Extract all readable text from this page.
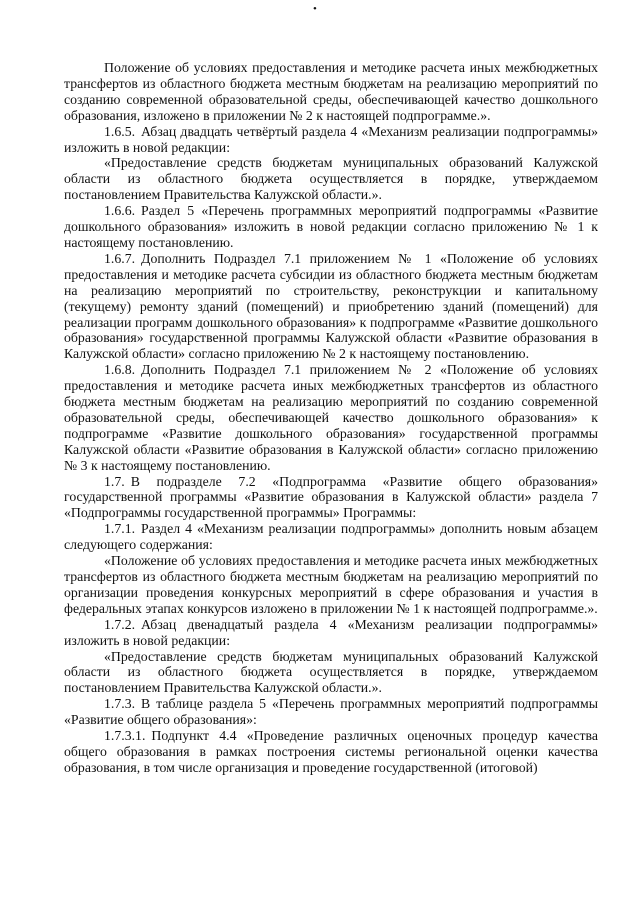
•

Положение об условиях предоставления и методике расчета иных межбюджетных трансфертов из областного бюджета местным бюджетам на реализацию мероприятий по созданию современной образовательной среды, обеспечивающей качество дошкольного образования, изложено в приложении № 2 к настоящей подпрограмме.».

1.6.5. Абзац двадцать четвёртый раздела 4 «Механизм реализации подпрограммы» изложить в новой редакции:

«Предоставление средств бюджетам муниципальных образований Калужской области из областного бюджета осуществляется в порядке, утверждаемом постановлением Правительства Калужской области.».

1.6.6. Раздел 5 «Перечень программных мероприятий подпрограммы «Развитие дошкольного образования» изложить в новой редакции согласно приложению № 1 к настоящему постановлению.

1.6.7. Дополнить Подраздел 7.1 приложением № 1 «Положение об условиях предоставления и методике расчета субсидии из областного бюджета местным бюджетам на реализацию мероприятий по строительству, реконструкции и капитальному (текущему) ремонту зданий (помещений) и приобретению зданий (помещений) для реализации программ дошкольного образования» к подпрограмме «Развитие дошкольного образования» государственной программы Калужской области «Развитие образования в Калужской области» согласно приложению № 2 к настоящему постановлению.

1.6.8. Дополнить Подраздел 7.1 приложением № 2 «Положение об условиях предоставления и методике расчета иных межбюджетных трансфертов из областного бюджета местным бюджетам на реализацию мероприятий по созданию современной образовательной среды, обеспечивающей качество дошкольного образования» к подпрограмме «Развитие дошкольного образования» государственной программы Калужской области «Развитие образования в Калужской области» согласно приложению № 3 к настоящему постановлению.

1.7. В подразделе 7.2 «Подпрограмма «Развитие общего образования» государственной программы «Развитие образования в Калужской области» раздела 7 «Подпрограммы государственной программы» Программы:

1.7.1. Раздел 4 «Механизм реализации подпрограммы» дополнить новым абзацем следующего содержания:

«Положение об условиях предоставления и методике расчета иных межбюджетных трансфертов из областного бюджета местным бюджетам на реализацию мероприятий по организации проведения конкурсных мероприятий в сфере образования и участия в федеральных этапах конкурсов изложено в приложении № 1 к настоящей подпрограмме.».

1.7.2. Абзац двенадцатый раздела 4 «Механизм реализации подпрограммы» изложить в новой редакции:

«Предоставление средств бюджетам муниципальных образований Калужской области из областного бюджета осуществляется в порядке, утверждаемом постановлением Правительства Калужской области.».

1.7.3. В таблице раздела 5 «Перечень программных мероприятий подпрограммы «Развитие общего образования»:

1.7.3.1. Подпункт 4.4 «Проведение различных оценочных процедур качества общего образования в рамках построения системы региональной оценки качества образования, в том числе организация и проведение государственной (итоговой)
